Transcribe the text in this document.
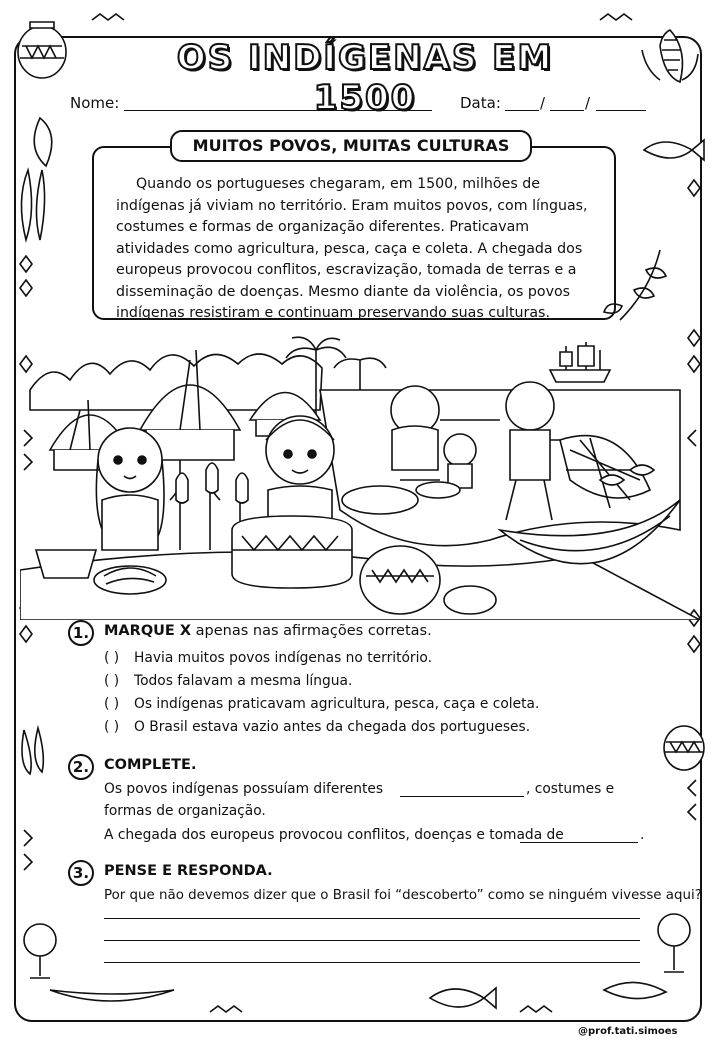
OS INDÍGENAS EM 1500
Nome:	Data:	/	/

Quando os portugueses chegaram, em 1500, milhões de indígenas já viviam no território. Eram muitos povos, com línguas, costumes e formas de organização diferentes. Praticavam atividades como agricultura, pesca, caça e coleta. A chegada dos europeus provocou conflitos, escravização, tomada de terras e a disseminação de doenças. Mesmo diante da violência, os povos indígenas resistiram e continuam preservando suas culturas.

MUITOS POVOS, MUITAS CULTURAS
1.	MARQUE X apenas nas afirmações corretas.
( ) Havia muitos povos indígenas no território.
( ) Todos falavam a mesma língua.
( ) Os indígenas praticavam agricultura, pesca, caça e coleta.
( ) O Brasil estava vazio antes da chegada dos portugueses.
2.	COMPLETE.
Os povos indígenas possuíam diferentes	, costumes e
formas de organização.
A chegada dos europeus provocou conflitos, doenças e tomada de	.
3.	PENSE E RESPONDA.
Por que não devemos dizer que o Brasil foi “descoberto” como se ninguém vivesse aqui?
@prof.tati.simoes
